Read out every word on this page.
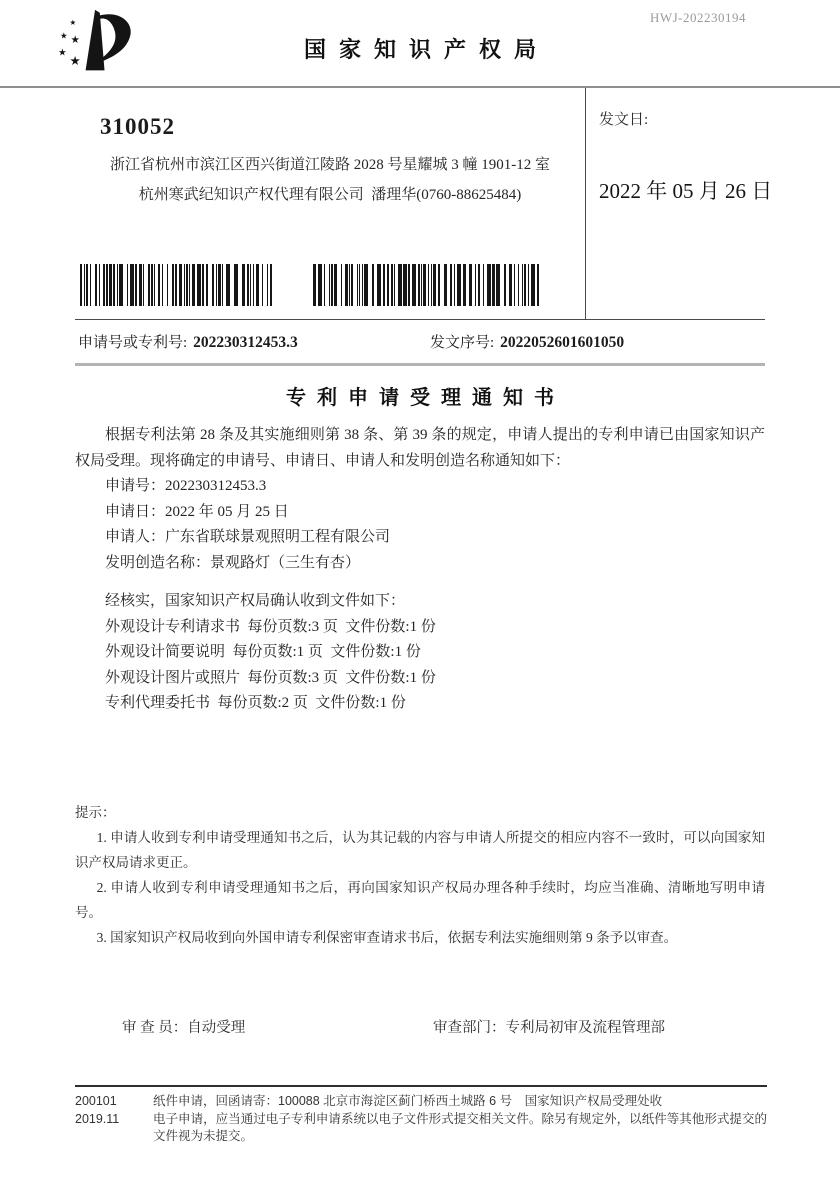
★
★ ★
★
★	国家知识产权局
HWJ-202230194
310052
浙江省杭州市滨江区西兴街道江陵路 2028 号星耀城 3 幢 1901-12 室
杭州寒武纪知识产权代理有限公司  潘理华(0760-88625484)
发文日:
2022 年 05 月 26 日
申请号或专利号: 202230312453.3	发文序号: 2022052601601050
专利申请受理通知书

根据专利法第 28 条及其实施细则第 38 条、第 39 条的规定，申请人提出的专利申请已由国家知识产权局受理。现将确定的申请号、申请日、申请人和发明创造名称通知如下：

申请号：202230312453.3

申请日：2022 年 05 月 25 日

申请人：广东省联球景观照明工程有限公司

发明创造名称：景观路灯（三生有杏）

经核实，国家知识产权局确认收到文件如下：

外观设计专利请求书  每份页数:3 页  文件份数:1 份

外观设计简要说明  每份页数:1 页  文件份数:1 份

外观设计图片或照片  每份页数:3 页  文件份数:1 份

专利代理委托书  每份页数:2 页  文件份数:1 份

提示：

1. 申请人收到专利申请受理通知书之后，认为其记载的内容与申请人所提交的相应内容不一致时，可以向国家知识产权局请求更正。

2. 申请人收到专利申请受理通知书之后，再向国家知识产权局办理各种手续时，均应当准确、清晰地写明申请号。

3. 国家知识产权局收到向外国申请专利保密审查请求书后，依据专利法实施细则第 9 条予以审查。

审 查 员：自动受理	审查部门：专利局初审及流程管理部
200101	纸件申请，回函请寄：100088 北京市海淀区蓟门桥西土城路 6 号　国家知识产权局受理处收
2019.11	电子申请，应当通过电子专利申请系统以电子文件形式提交相关文件。除另有规定外，以纸件等其他形式提交的文件视为未提交。
